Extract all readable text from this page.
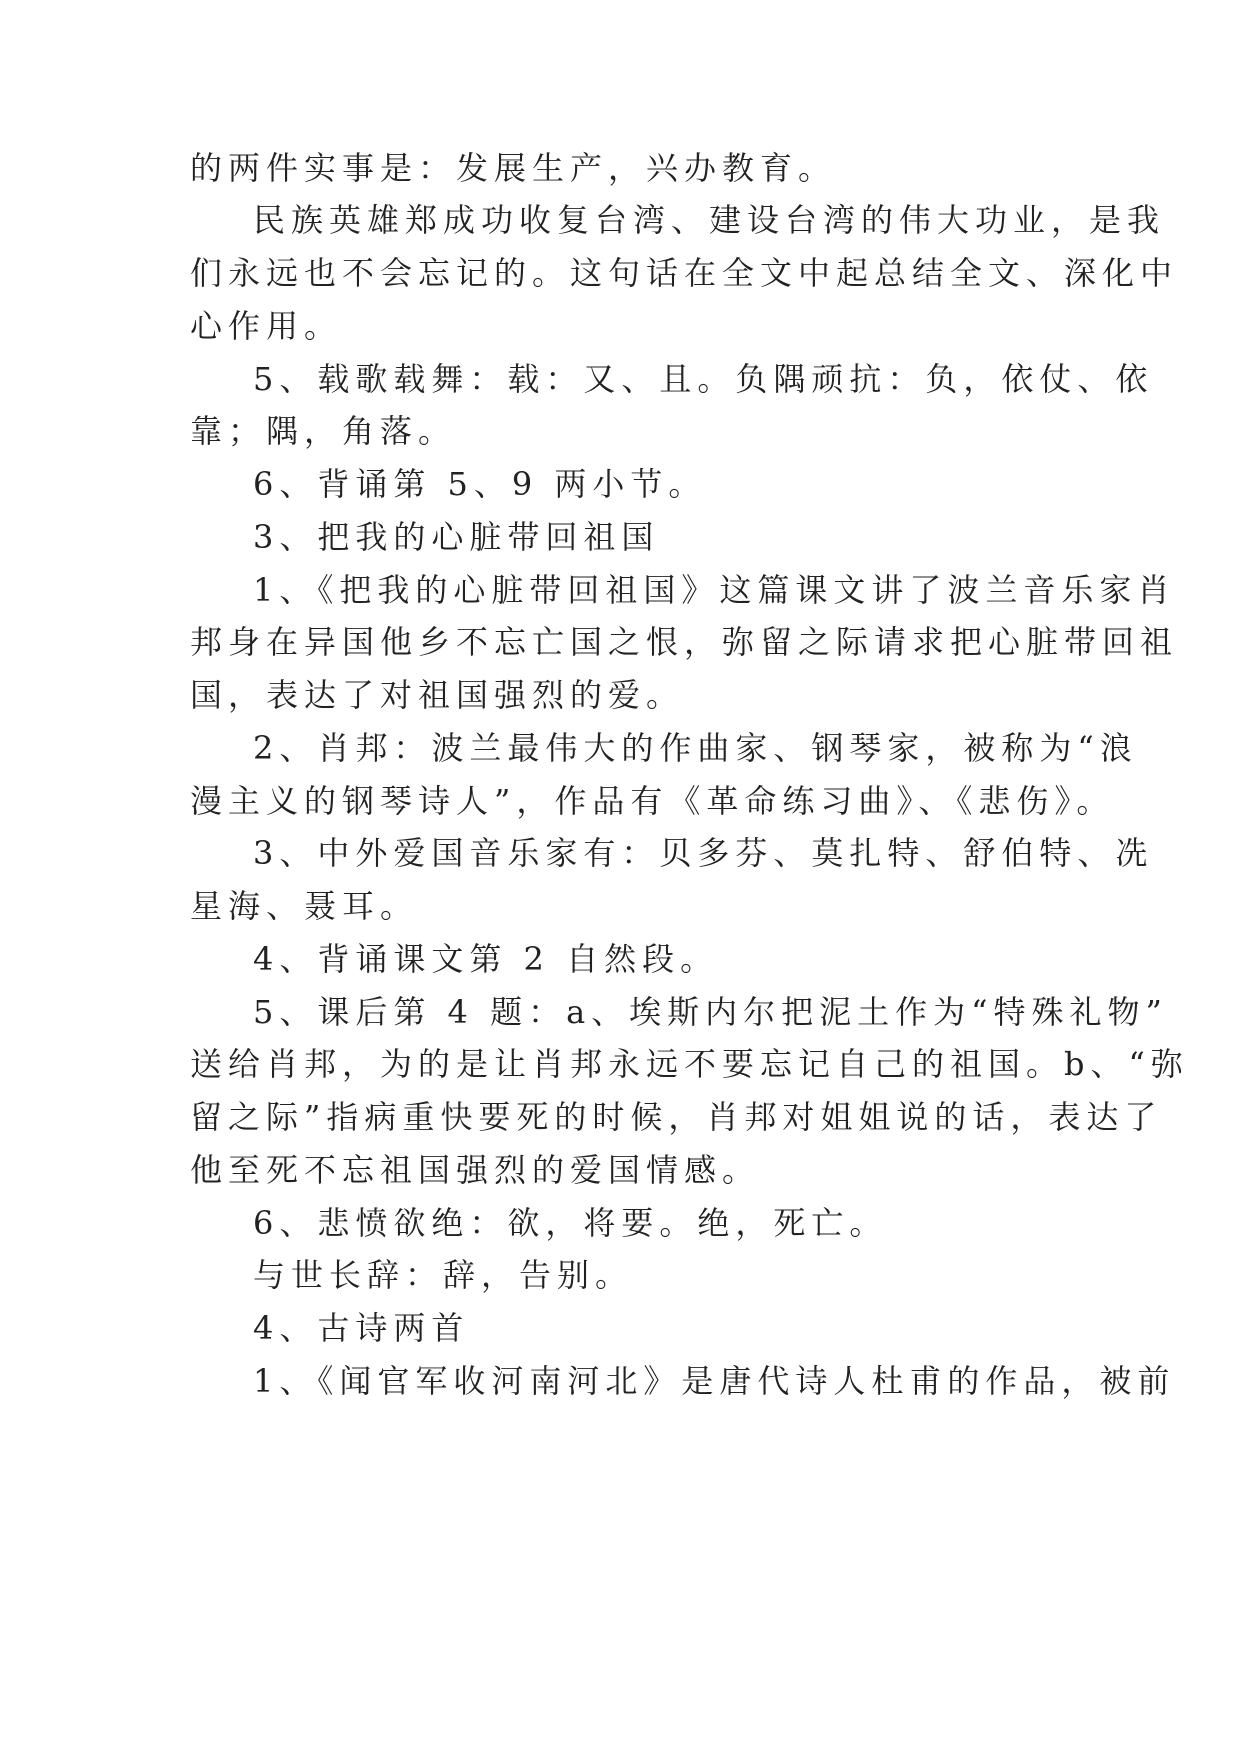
的两件实事是：发展生产，兴办教育。
民族英雄郑成功收复台湾、建设台湾的伟大功业，是我
们永远也不会忘记的。这句话在全文中起总结全文、深化中
心作用。
5、载歌载舞：载：又、且。负隅顽抗：负，依仗、依
靠；隅，角落。
6、背诵第 5、9 两小节。
3、把我的心脏带回祖国
1、《把我的心脏带回祖国》这篇课文讲了波兰音乐家肖
邦身在异国他乡不忘亡国之恨，弥留之际请求把心脏带回祖
国，表达了对祖国强烈的爱。
2、肖邦：波兰最伟大的作曲家、钢琴家，被称为“浪
漫主义的钢琴诗人”，作品有《革命练习曲》、《悲伤》。
3、中外爱国音乐家有：贝多芬、莫扎特、舒伯特、冼
星海、聂耳。
4、背诵课文第 2 自然段。
5、课后第 4 题：a、埃斯内尔把泥土作为“特殊礼物”
送给肖邦，为的是让肖邦永远不要忘记自己的祖国。b、“弥
留之际”指病重快要死的时候，肖邦对姐姐说的话，表达了
他至死不忘祖国强烈的爱国情感。
6、悲愤欲绝：欲，将要。绝，死亡。
与世长辞：辞，告别。
4、古诗两首
1、《闻官军收河南河北》是唐代诗人杜甫的作品，被前
